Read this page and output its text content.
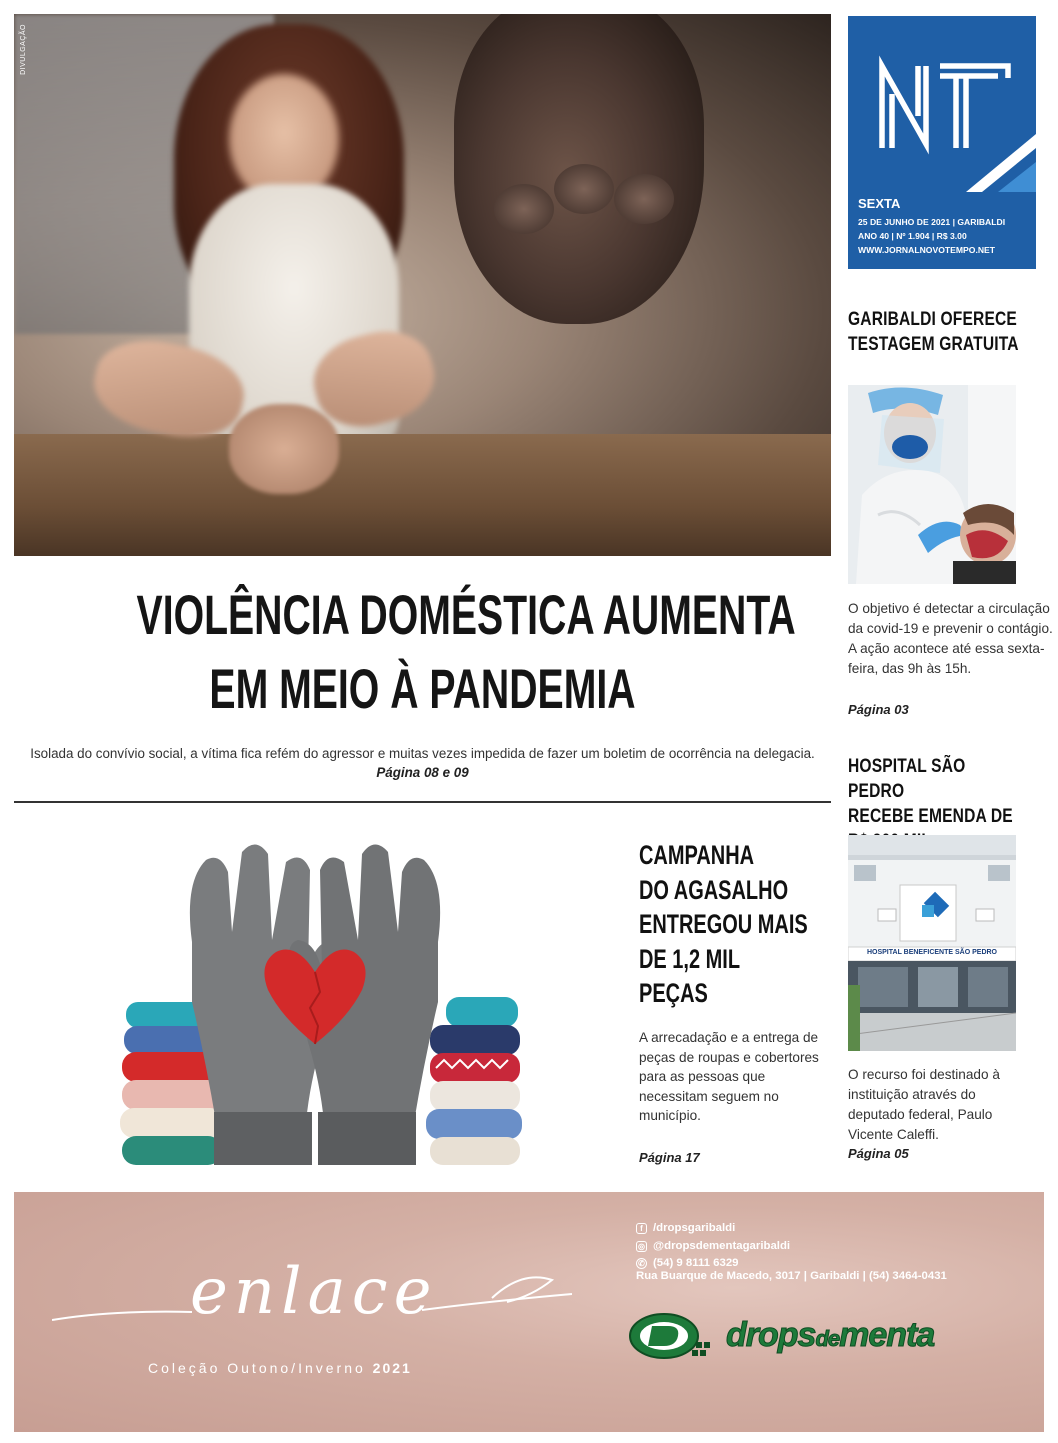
DIVULGAÇÃO
SEXTA
25 DE JUNHO DE 2021 | GARIBALDI
ANO 40 | Nº 1.904 | R$ 3.00
WWW.JORNALNOVOTEMPO.NET
GARIBALDI OFERECE
TESTAGEM GRATUITA
O objetivo é detectar a circulação da covid-19 e prevenir o contágio. A ação acontece até essa sexta-feira, das 9h às 15h.
Página 03
HOSPITAL SÃO PEDRO
RECEBE EMENDA DE
HOSPITAL BENEFICENTE SÃO PEDRO
O recurso foi destinado à instituição através do deputado federal, Paulo Vicente Caleffi.
Página 05
VIOLÊNCIA DOMÉSTICA AUMENTA
EM MEIO À PANDEMIA
Isolada do convívio social, a vítima fica refém do agressor e muitas vezes impedida de fazer um boletim de ocorrência na delegacia.
Página 08 e 09
CAMPANHA
DO AGASALHO
ENTREGOU MAIS
DE 1,2 MIL
PEÇAS
A arrecadação e a entrega de peças de roupas e cobertores para as pessoas que necessitam seguem no município.
Página 17
enlace
Coleção Outono/Inverno 2021
f /dropsgaribaldi
◎ @dropsdementagaribaldi
✆ (54) 9 8111 6329
Rua Buarque de Macedo, 3017 | Garibaldi | (54) 3464-0431
dropsdementa
